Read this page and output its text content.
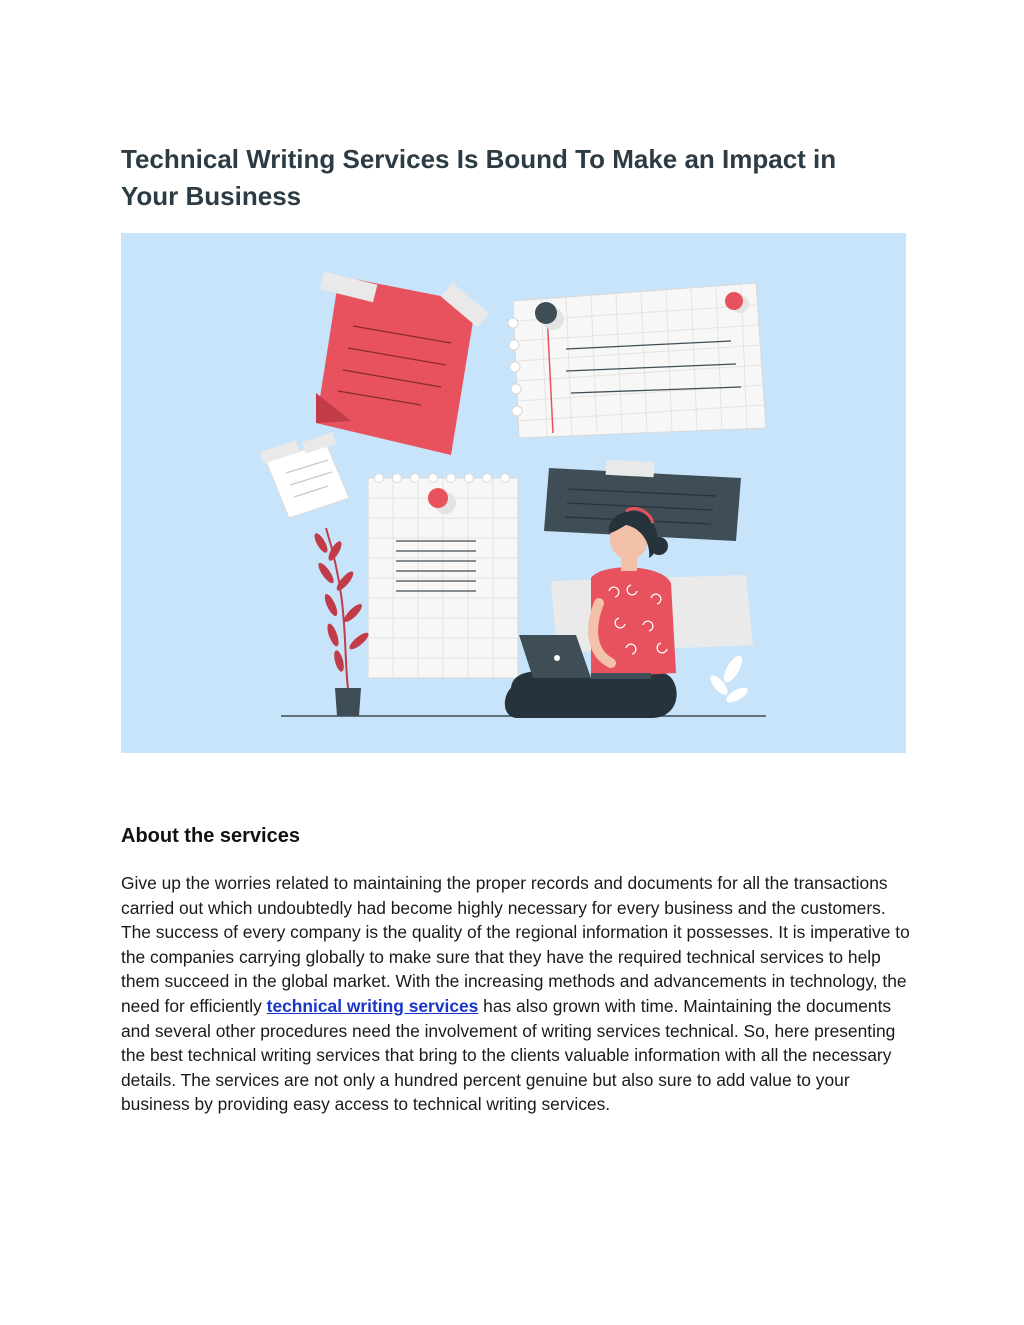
Technical Writing Services Is Bound To Make an Impact in Your Business
About the services

Give up the worries related to maintaining the proper records and documents for all the transactions carried out which undoubtedly had become highly necessary for every business and the customers. The success of every company is the quality of the regional information it possesses. It is imperative to the companies carrying globally to make sure that they have the required technical services to help them succeed in the global market. With the increasing methods and advancements in technology, the need for efficiently technical writing services has also grown with time. Maintaining the documents and several other procedures need the involvement of writing services technical. So, here presenting the best technical writing services that bring to the clients valuable information with all the necessary details. The services are not only a hundred percent genuine but also sure to add value to your business by providing easy access to technical writing services.
